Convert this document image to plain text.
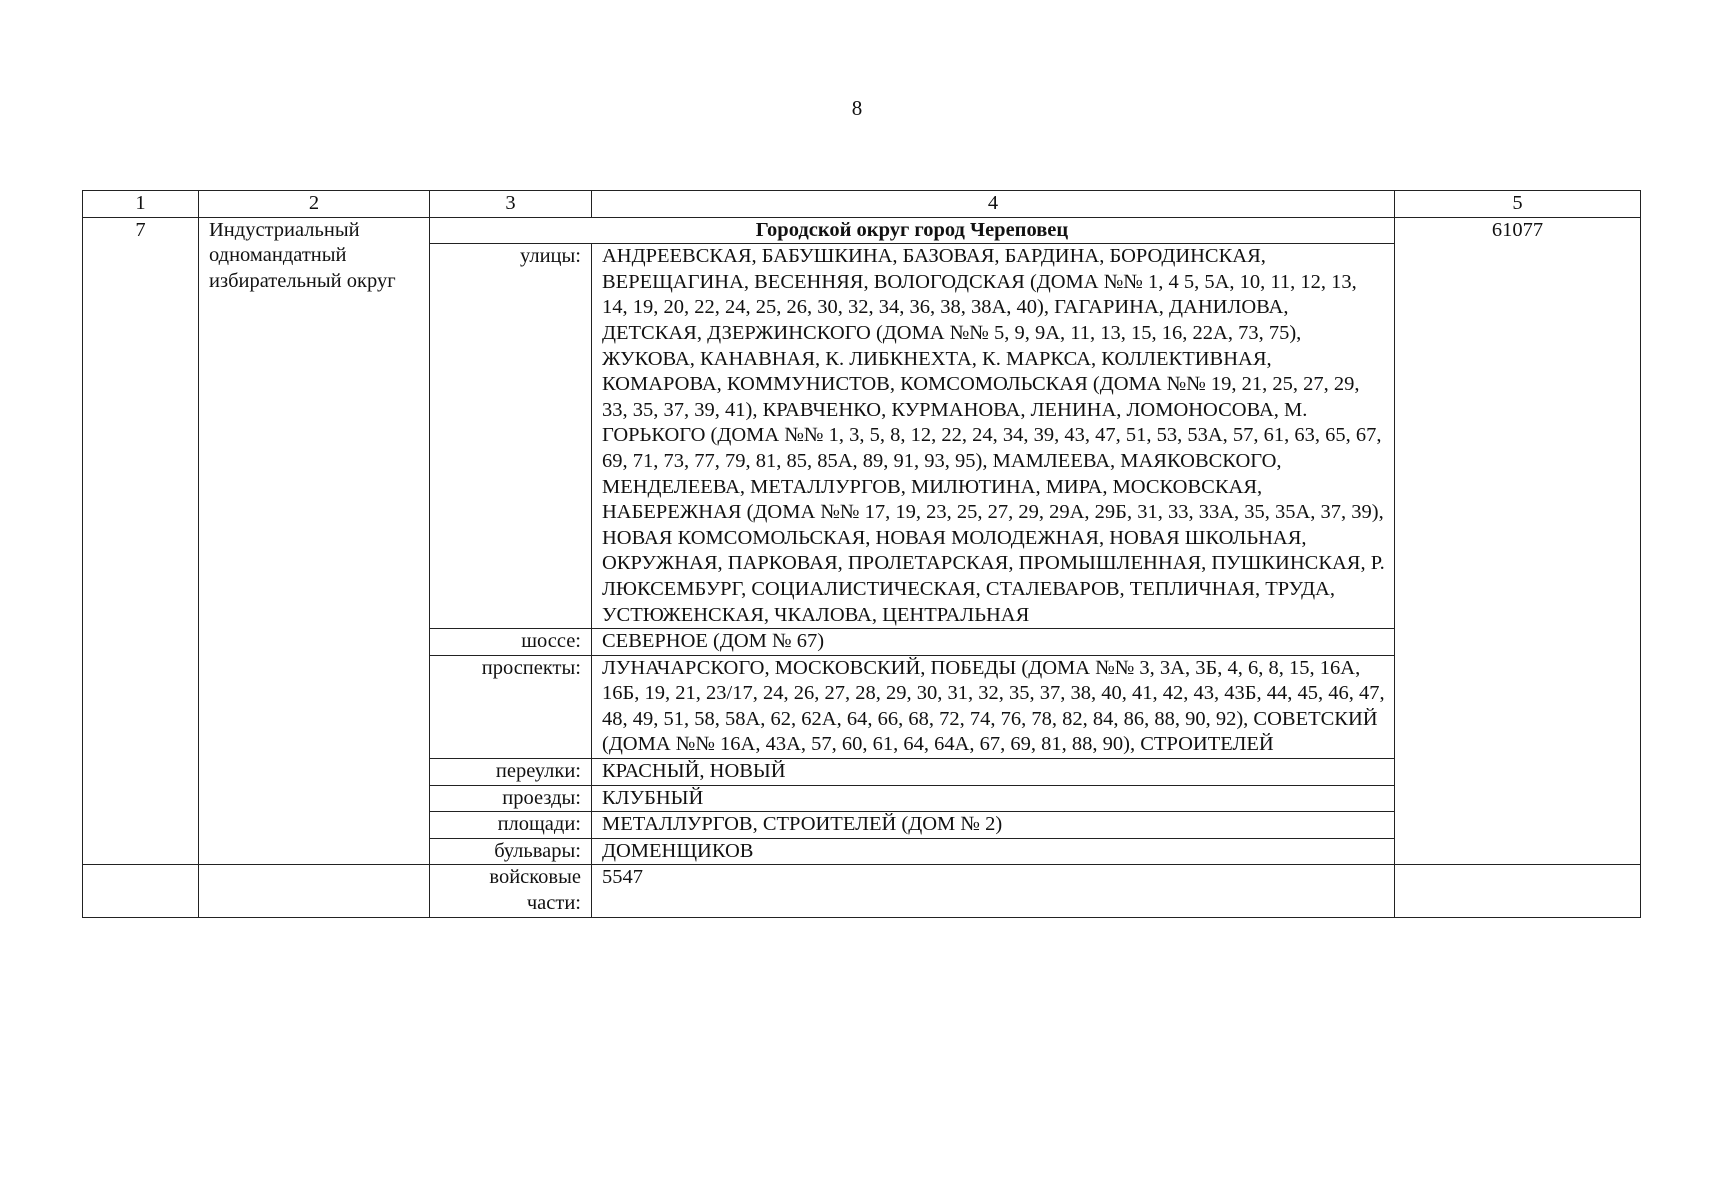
8
1	2	3	4	5
7	Индустриальный одномандатный избирательный округ	Городской округ город Череповец		61077
		улицы:	АНДРЕЕВСКАЯ, БАБУШКИНА, БАЗОВАЯ, БАРДИНА, БОРОДИНСКАЯ, ВЕРЕЩАГИНА, ВЕСЕННЯЯ, ВОЛОГОДСКАЯ (ДОМА №№ 1, 4 5, 5А, 10, 11, 12, 13, 14, 19, 20, 22, 24, 25, 26, 30, 32, 34, 36, 38, 38А, 40), ГАГАРИНА, ДАНИЛОВА, ДЕТСКАЯ, ДЗЕРЖИНСКОГО (ДОМА №№ 5, 9, 9А, 11, 13, 15, 16, 22А, 73, 75), ЖУКОВА, КАНАВНАЯ, К. ЛИБКНЕХТА, К. МАРКСА, КОЛЛЕКТИВНАЯ, КОМАРОВА, КОММУНИСТОВ, КОМСОМОЛЬСКАЯ (ДОМА №№ 19, 21, 25, 27, 29, 33, 35, 37, 39, 41), КРАВЧЕНКО, КУРМАНОВА, ЛЕНИНА, ЛОМОНОСОВА, М. ГОРЬКОГО (ДОМА №№ 1, 3, 5, 8, 12, 22, 24, 34, 39, 43, 47, 51, 53, 53А, 57, 61, 63, 65, 67, 69, 71, 73, 77, 79, 81, 85, 85А, 89, 91, 93, 95), МАМЛЕЕВА, МАЯКОВСКОГО, МЕНДЕЛЕЕВА, МЕТАЛЛУРГОВ, МИЛЮТИНА, МИРА, МОСКОВСКАЯ, НАБЕРЕЖНАЯ (ДОМА №№ 17, 19, 23, 25, 27, 29, 29А, 29Б, 31, 33, 33А, 35, 35А, 37, 39), НОВАЯ КОМСОМОЛЬСКАЯ, НОВАЯ МОЛОДЕЖНАЯ, НОВАЯ ШКОЛЬНАЯ, ОКРУЖНАЯ, ПАРКОВАЯ, ПРОЛЕТАРСКАЯ, ПРОМЫШЛЕННАЯ, ПУШКИНСКАЯ, Р. ЛЮКСЕМБУРГ, СОЦИАЛИСТИЧЕСКАЯ, СТАЛЕВАРОВ, ТЕПЛИЧНАЯ, ТРУДА, УСТЮЖЕНСКАЯ, ЧКАЛОВА, ЦЕНТРАЛЬНАЯ	
		шоссе:	СЕВЕРНОЕ (ДОМ № 67)	
		проспекты:	ЛУНАЧАРСКОГО, МОСКОВСКИЙ, ПОБЕДЫ (ДОМА №№ 3, 3А, 3Б, 4, 6, 8, 15, 16А, 16Б, 19, 21, 23/17, 24, 26, 27, 28, 29, 30, 31, 32, 35, 37, 38, 40, 41, 42, 43, 43Б, 44, 45, 46, 47, 48, 49, 51, 58, 58А, 62, 62А, 64, 66, 68, 72, 74, 76, 78, 82, 84, 86, 88, 90, 92), СОВЕТСКИЙ (ДОМА №№ 16А, 43А, 57, 60, 61, 64, 64А, 67, 69, 81, 88, 90), СТРОИТЕЛЕЙ	
		переулки:	КРАСНЫЙ, НОВЫЙ	
		проезды:	КЛУБНЫЙ	
		площади:	МЕТАЛЛУРГОВ, СТРОИТЕЛЕЙ (ДОМ № 2)	
		бульвары:	ДОМЕНЩИКОВ	
		войсковые части:	5547	
